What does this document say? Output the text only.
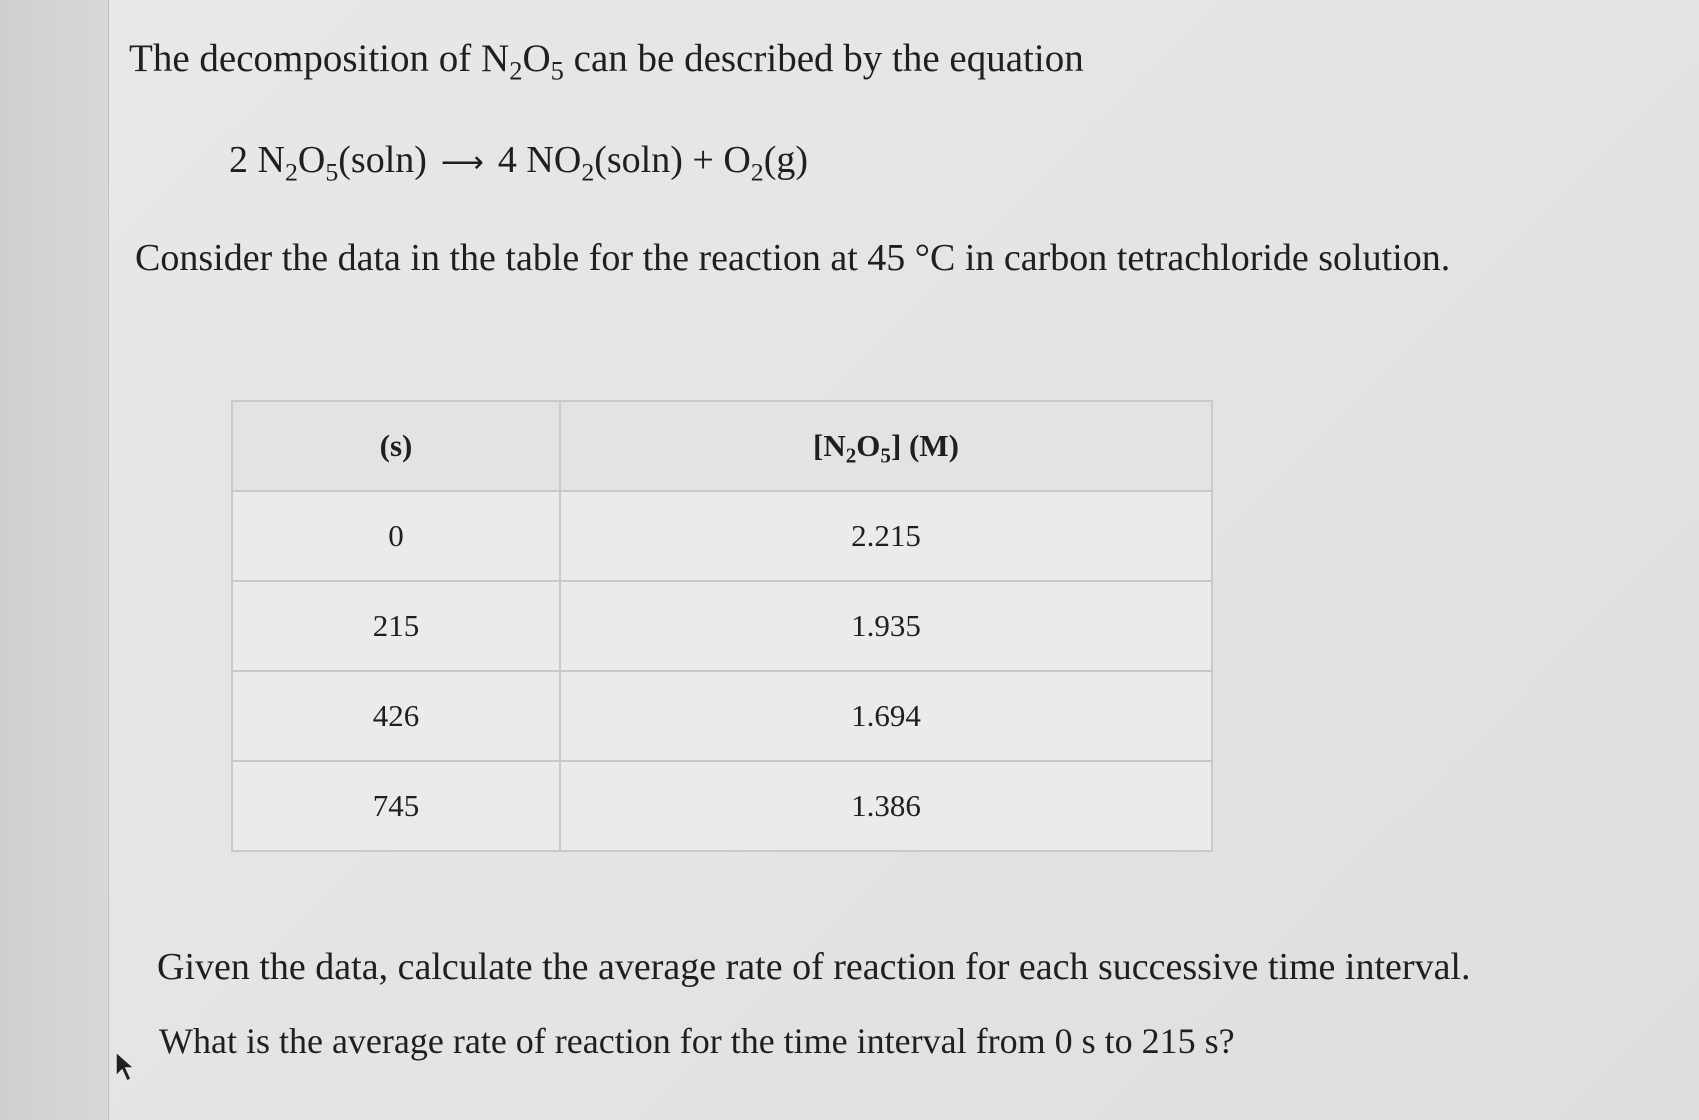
The decomposition of $N_2O_5$ can be described by the equation
2 $N_2O_5(soln)$ ⟶ 4 $NO_2(soln) + O_2(g)$
Consider the data in the table for the reaction at 45 °C in carbon tetrachloride solution.
(s)	$[N_2O_5]$ (M)
0	2.215
215	1.935
426	1.694
745	1.386
Given the data, calculate the average rate of reaction for each successive time interval.
What is the average rate of reaction for the time interval from 0 s to 215 s?
